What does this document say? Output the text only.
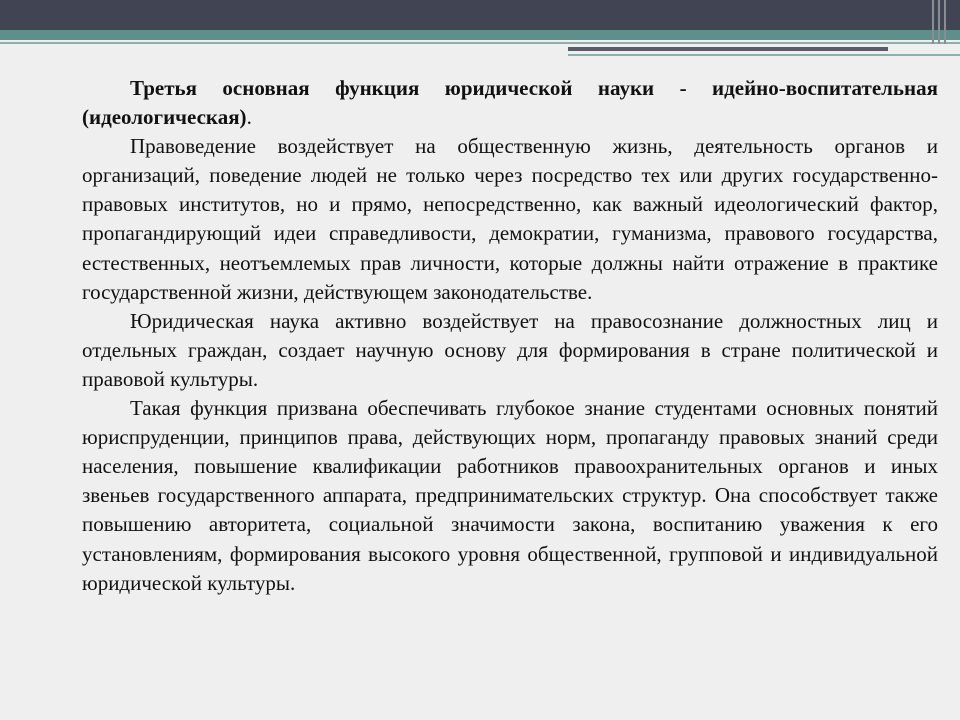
Третья основная функция юридической науки - идейно-воспитательная (идеологическая).

Правоведение воздействует на общественную жизнь, деятельность органов и организаций, поведение людей не только через посредство тех или других государственно-правовых институтов, но и прямо, непосредственно, как важный идеологический фактор, пропагандирующий идеи справедливости, демократии, гуманизма, правового государства, естественных, неотъемлемых прав личности, которые должны найти отражение в практике государственной жизни, действующем законодательстве.

Юридическая наука активно воздействует на правосознание должностных лиц и отдельных граждан, создает научную основу для формирования в стране политической и правовой культуры.

Такая функция призвана обеспечивать глубокое знание студентами основных понятий юриспруденции, принципов права, действующих норм, пропаганду правовых знаний среди населения, повышение квалификации работников правоохранительных органов и иных звеньев государственного аппарата, предпринимательских структур. Она способствует также повышению авторитета, социальной значимости закона, воспитанию уважения к его установлениям, формирования высокого уровня общественной, групповой и индивидуальной юридической культуры.
